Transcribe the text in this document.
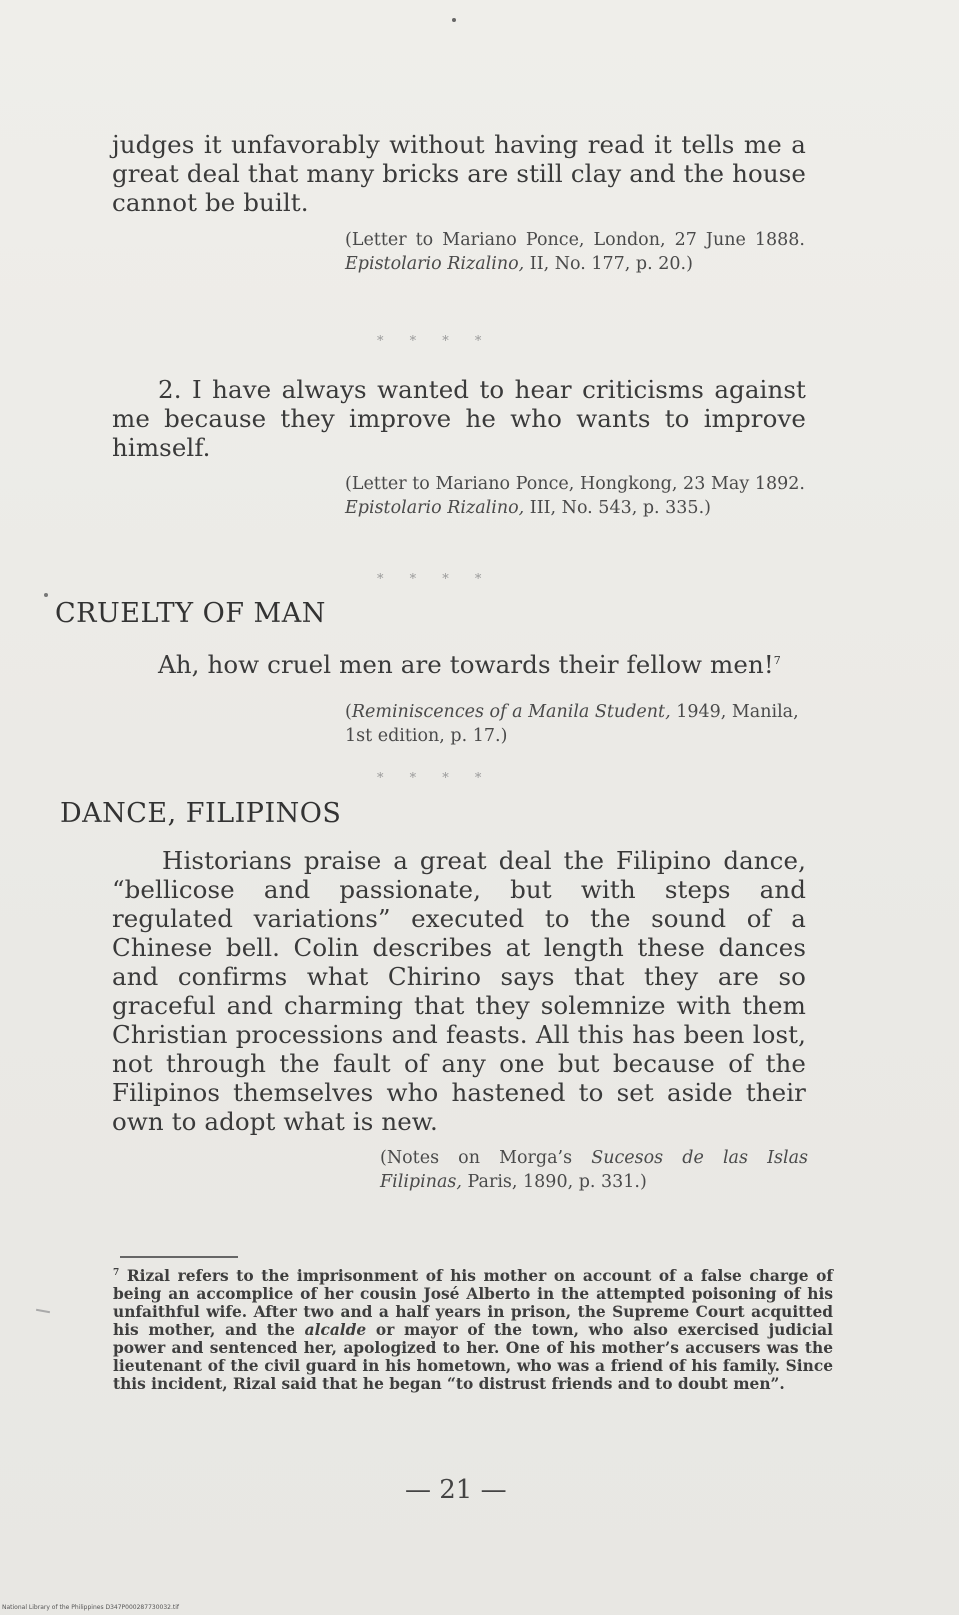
judges it unfavorably without having read it tells me a great deal that many bricks are still clay and the house cannot be built.
(Letter to Mariano Ponce, London, 27 June 1888. Epistolario Rizalino, II, No. 177, p. 20.)
* * * *
2. I have always wanted to hear criticisms against me because they improve he who wants to improve himself.
(Letter to Mariano Ponce, Hongkong, 23 May 1892. Epistolario Rizalino, III, No. 543, p. 335.)
* * * *
CRUELTY OF MAN
Ah, how cruel men are towards their fellow men!$^7$
(Reminiscences of a Manila Student, 1949, Manila, 1st edition, p. 17.)
* * * *
DANCE, FILIPINOS
Historians praise a great deal the Filipino dance, “bellicose and passionate, but with steps and regulated variations” executed to the sound of a Chinese bell. Colin describes at length these dances and confirms what Chirino says that they are so graceful and charming that they solemnize with them Christian processions and feasts. All this has been lost, not through the fault of any one but because of the Filipinos themselves who hastened to set aside their own to adopt what is new.
(Notes on Morga’s Sucesos de las Islas Filipinas, Paris, 1890, p. 331.)
$^7$ Rizal refers to the imprisonment of his mother on account of a false charge of being an accomplice of her cousin José Alberto in the attempted poisoning of his unfaithful wife. After two and a half years in prison, the Supreme Court acquitted his mother, and the alcalde or mayor of the town, who also exercised judicial power and sentenced her, apologized to her. One of his mother’s accusers was the lieutenant of the civil guard in his hometown, who was a friend of his family. Since this incident, Rizal said that he began “to distrust friends and to doubt men”.
— 21 —
National Library of the Philippines D347P000287730032.tif
